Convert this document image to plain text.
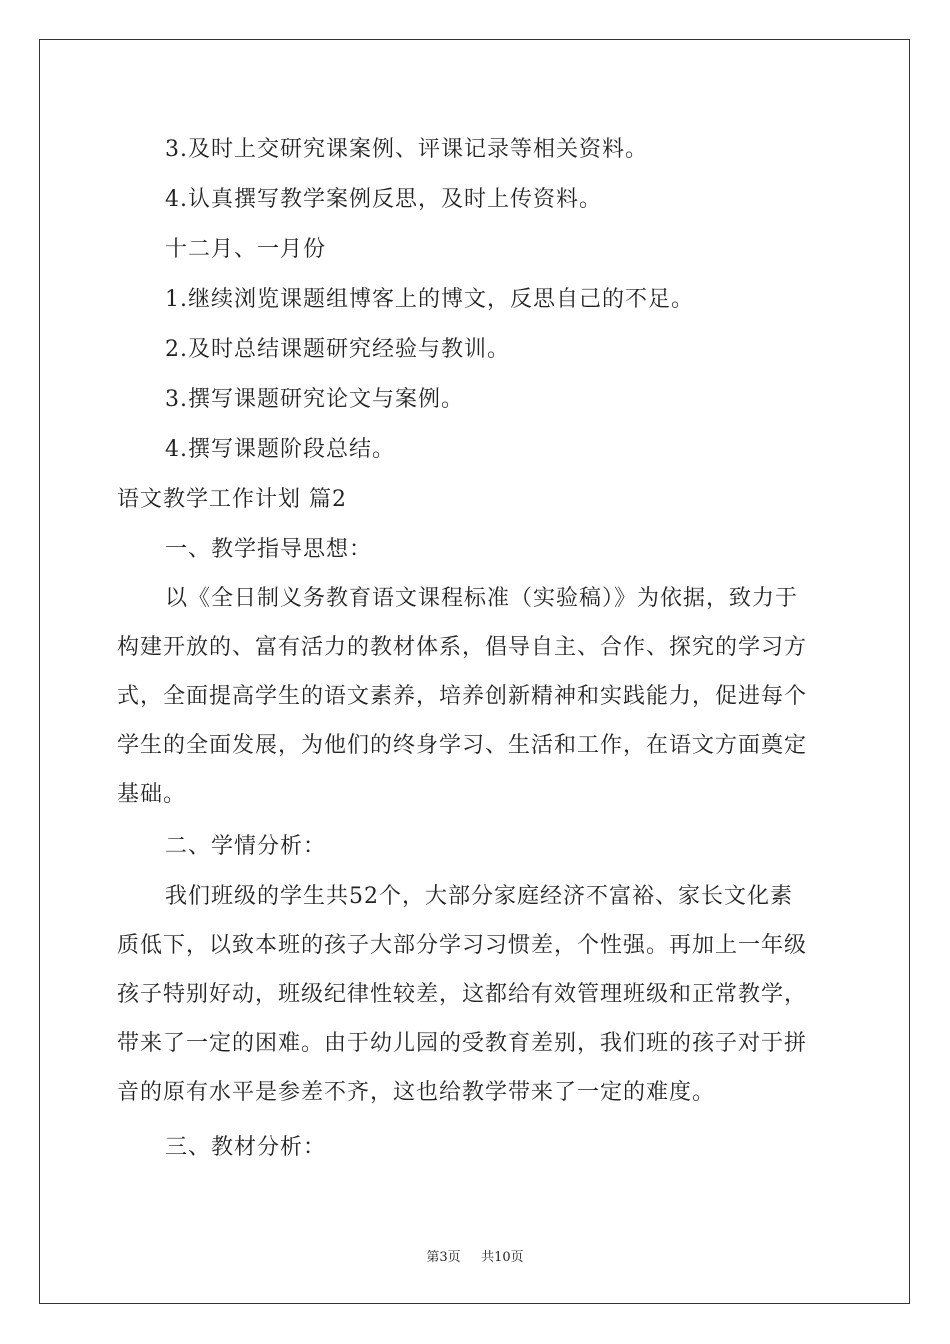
3.及时上交研究课案例、评课记录等相关资料。
4.认真撰写教学案例反思，及时上传资料。
十二月、一月份
1.继续浏览课题组博客上的博文，反思自己的不足。
2.及时总结课题研究经验与教训。
3.撰写课题研究论文与案例。
4.撰写课题阶段总结。
语文教学工作计划 篇2
一、教学指导思想：
以《全日制义务教育语文课程标准（实验稿）》为依据，致力于
构建开放的、富有活力的教材体系，倡导自主、合作、探究的学习方
式，全面提高学生的语文素养，培养创新精神和实践能力，促进每个
学生的全面发展，为他们的终身学习、生活和工作，在语文方面奠定
基础。
二、学情分析：
我们班级的学生共52个，大部分家庭经济不富裕、家长文化素
质低下，以致本班的孩子大部分学习习惯差，个性强。再加上一年级
孩子特别好动，班级纪律性较差，这都给有效管理班级和正常教学，
带来了一定的困难。由于幼儿园的受教育差别，我们班的孩子对于拼
音的原有水平是参差不齐，这也给教学带来了一定的难度。
三、教材分析：
第3页 共10页
